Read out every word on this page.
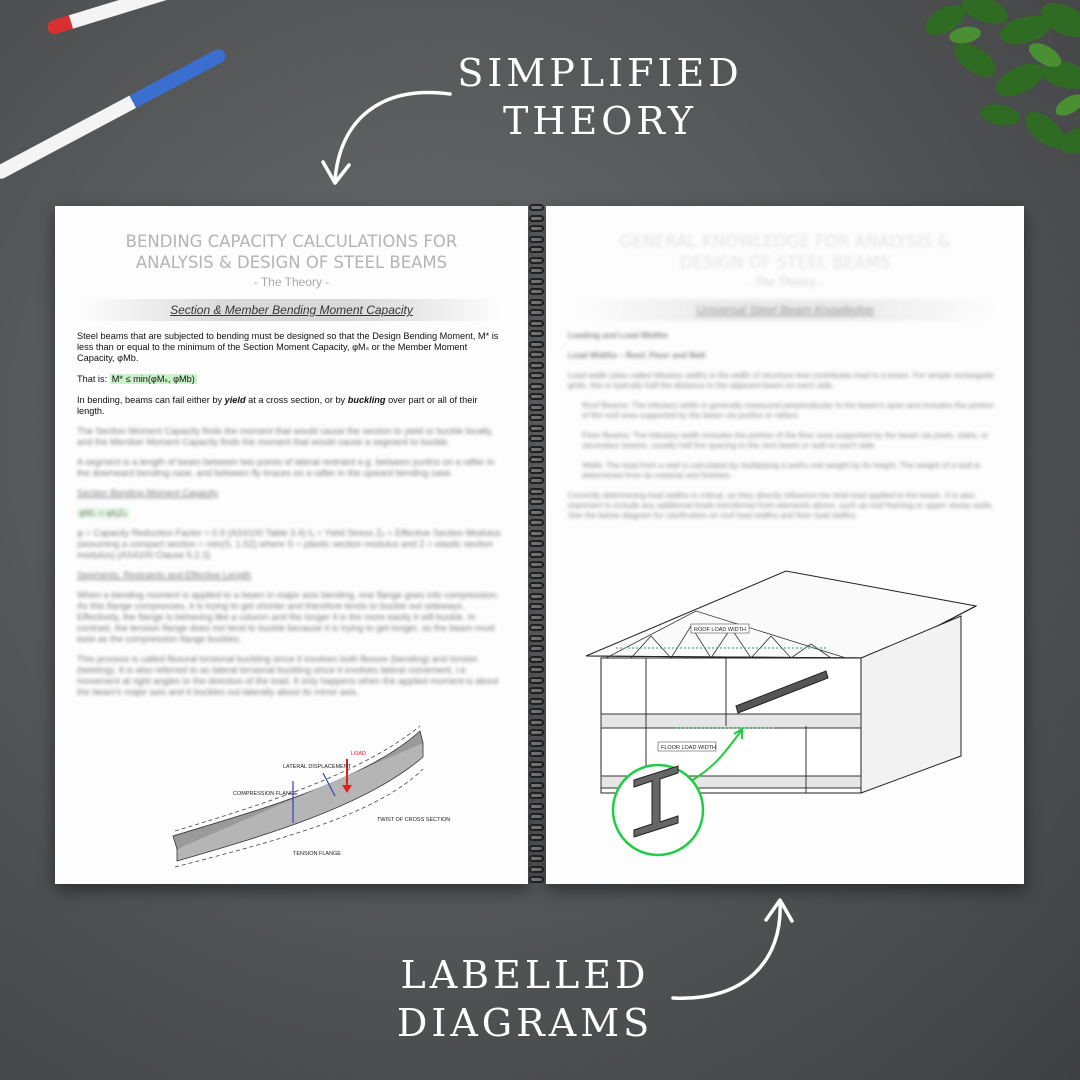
SIMPLIFIED
THEORY
LABELLED
DIAGRAMS
BENDING CAPACITY CALCULATIONS FOR ANALYSIS & DESIGN OF STEEL BEAMS
- The Theory -
Section & Member Bending Moment Capacity

Steel beams that are subjected to bending must be designed so that the Design Bending Moment, M* is less than or equal to the minimum of the Section Moment Capacity, φMₛ or the Member Moment Capacity, φMb.

That is: M* ≤ min(φMₛ, φMb)

In bending, beams can fail either by yield at a cross section, or by buckling over part or all of their length.

The Section Moment Capacity finds the moment that would cause the section to yield or buckle locally, and the Member Moment Capacity finds the moment that would cause a segment to buckle.

A segment is a length of beam between two points of lateral restraint e.g. between purlins on a rafter in the downward bending case, and between fly braces on a rafter in the upward bending case.

Section Bending Moment Capacity

φMₛ = φfᵧZₑ

φ = Capacity Reduction Factor = 0.9 (AS4100 Table 3.4) fᵧ = Yield Stress Zₑ = Effective Section Modulus (assuming a compact section = min(S, 1.5Z) where S = plastic section modulus and Z = elastic section modulus) (AS4100 Clause 5.2.3)

Segments, Restraints and Effective Length

When a bending moment is applied to a beam in major axis bending, one flange goes into compression. As this flange compresses, it is trying to get shorter and therefore tends to buckle out sideways. Effectively, the flange is behaving like a column and the longer it is the more easily it will buckle. In contrast, the tension flange does not tend to buckle because it is trying to get longer, so the beam must twist as the compression flange buckles.

This process is called flexural torsional buckling since it involves both flexure (bending) and torsion (twisting). It is also referred to as lateral torsional buckling since it involves lateral movement, i.e. movement at right angles to the direction of the load. It only happens when the applied moment is about the beam's major axis and it buckles out laterally about its minor axis.

LOAD
LATERAL DISPLACEMENT
COMPRESSION FLANGE
TWIST OF CROSS SECTION
TENSION FLANGE
GENERAL KNOWLEDGE FOR ANALYSIS & DESIGN OF STEEL BEAMS
- The Theory -
Universal Steel Beam Knowledge

Loading and Load Widths

Load Widths – Roof, Floor and Wall

Load width (also called tributary width) is the width of structure that contributes load to a beam. For simple rectangular grids, this is typically half the distance to the adjacent beam on each side.

Roof Beams: The tributary width is generally measured perpendicular to the beam's span and includes the portion of the roof area supported by the beam via purlins or rafters.

Floor Beams: The tributary width includes the portion of the floor area supported by the beam via joists, slabs, or secondary beams, usually half the spacing to the next beam or wall on each side.

Walls: The load from a wall is calculated by multiplying a wall's unit weight by its height. The weight of a wall is determined from its material and finishes.

Correctly determining load widths is critical, as they directly influence the total load applied to the beam. It is also important to include any additional loads transferred from elements above, such as roof framing or upper storey walls. See the below diagram for clarification on roof load widths and floor load widths.

ROOF LOAD WIDTH
FLOOR LOAD WIDTH
